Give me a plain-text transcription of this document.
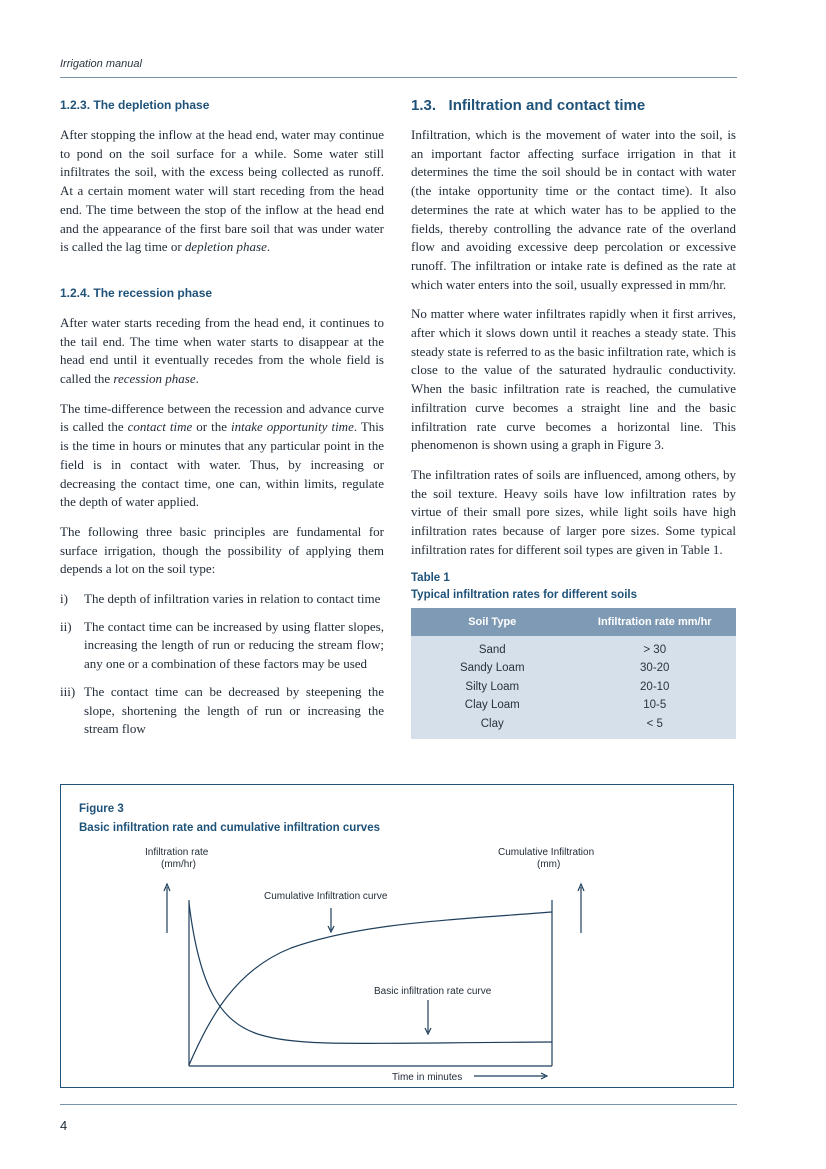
Irrigation manual
1.2.3. The depletion phase

After stopping the inflow at the head end, water may continue to pond on the soil surface for a while. Some water still infiltrates the soil, with the excess being collected as runoff. At a certain moment water will start receding from the head end. The time between the stop of the inflow at the head end and the appearance of the first bare soil that was under water is called the lag time or depletion phase.

1.2.4. The recession phase

After water starts receding from the head end, it continues to the tail end. The time when water starts to disappear at the head end until it eventually recedes from the whole field is called the recession phase.

The time-difference between the recession and advance curve is called the contact time or the intake opportunity time. This is the time in hours or minutes that any particular point in the field is in contact with water. Thus, by increasing or decreasing the contact time, one can, within limits, regulate the depth of water applied.

The following three basic principles are fundamental for surface irrigation, though the possibility of applying them depends a lot on the soil type:

i) The depth of infiltration varies in relation to contact time
ii) The contact time can be increased by using flatter slopes, increasing the length of run or reducing the stream flow; any one or a combination of these factors may be used
iii) The contact time can be decreased by steepening the slope, shortening the length of run or increasing the stream flow
1.3.   Infiltration and contact time

Infiltration, which is the movement of water into the soil, is an important factor affecting surface irrigation in that it determines the time the soil should be in contact with water (the intake opportunity time or the contact time). It also determines the rate at which water has to be applied to the fields, thereby controlling the advance rate of the overland flow and avoiding excessive deep percolation or excessive runoff. The infiltration or intake rate is defined as the rate at which water enters into the soil, usually expressed in mm/hr.

No matter where water infiltrates rapidly when it first arrives, after which it slows down until it reaches a steady state. This steady state is referred to as the basic infiltration rate, which is close to the value of the saturated hydraulic conductivity. When the basic infiltration rate is reached, the cumulative infiltration curve becomes a straight line and the basic infiltration rate curve becomes a horizontal line. This phenomenon is shown using a graph in Figure 3.

The infiltration rates of soils are influenced, among others, by the soil texture. Heavy soils have low infiltration rates by virtue of their small pore sizes, while light soils have high infiltration rates because of larger pore sizes. Some typical infiltration rates for different soil types are given in Table 1.

Table 1
Typical infiltration rates for different soils
Soil Type	Infiltration rate mm/hr
Sand	> 30
Sandy Loam	30-20
Silty Loam	20-10
Clay Loam	10-5
Clay	< 5
Figure 3
Basic infiltration rate and cumulative infiltration curves
Infiltration rate
(mm/hr)
Cumulative Infiltration
(mm)
Cumulative Infiltration curve
Basic infiltration rate curve
Time in minutes
4
